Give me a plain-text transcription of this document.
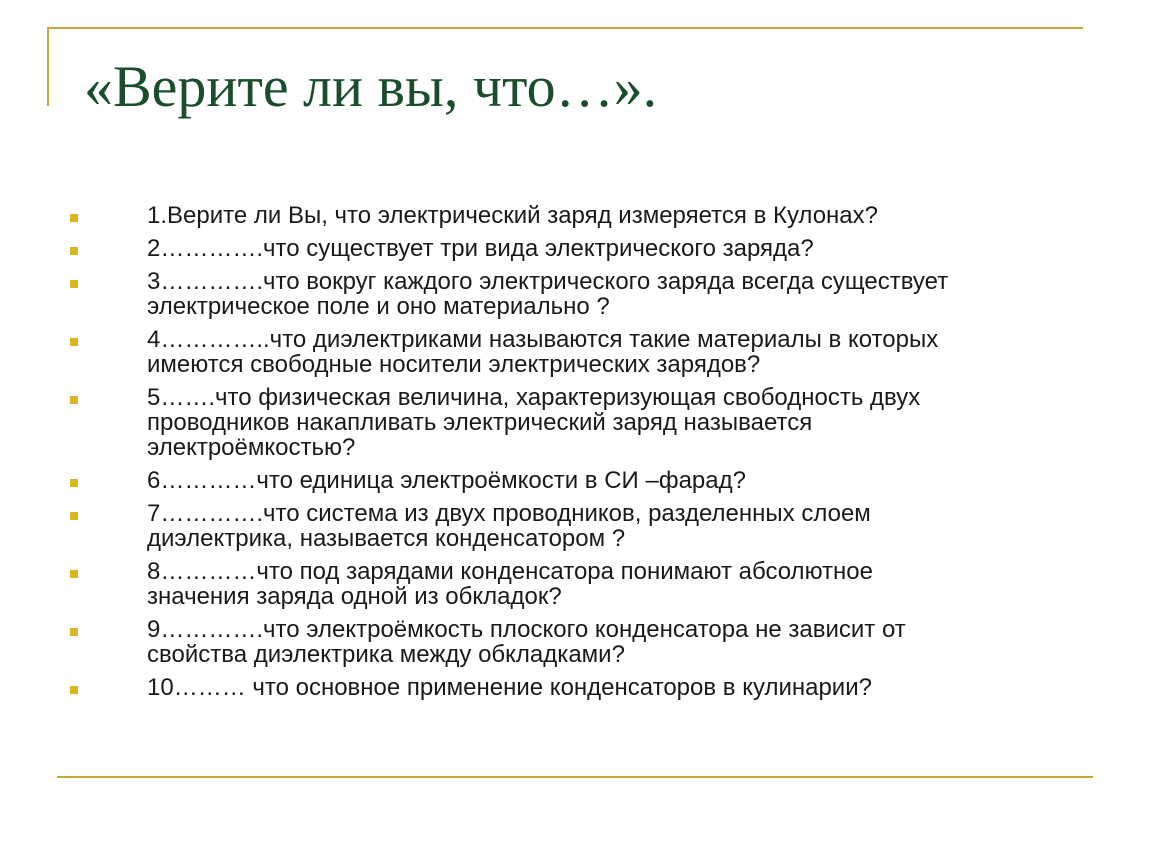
«Верите ли вы, что…».
1.Верите ли Вы, что электрический заряд измеряется в Кулонах?
2………….что существует три вида электрического заряда?
3………….что вокруг каждого электрического заряда всегда существует
электрическое поле и оно материально ?
4…………..что диэлектриками называются такие материалы в которых
имеются свободные носители электрических зарядов?
5…….что физическая величина, характеризующая свободность двух
проводников накапливать электрический заряд называется
электроёмкостью?
6…………что единица электроёмкости в СИ –фарад?
7………….что система из двух проводников, разделенных слоем
диэлектрика, называется конденсатором ?
8…………что под зарядами конденсатора понимают абсолютное
значения заряда одной из обкладок?
9………….что электроёмкость плоского конденсатора не зависит от
свойства диэлектрика между обкладками?
10……… что основное применение конденсаторов в кулинарии?
